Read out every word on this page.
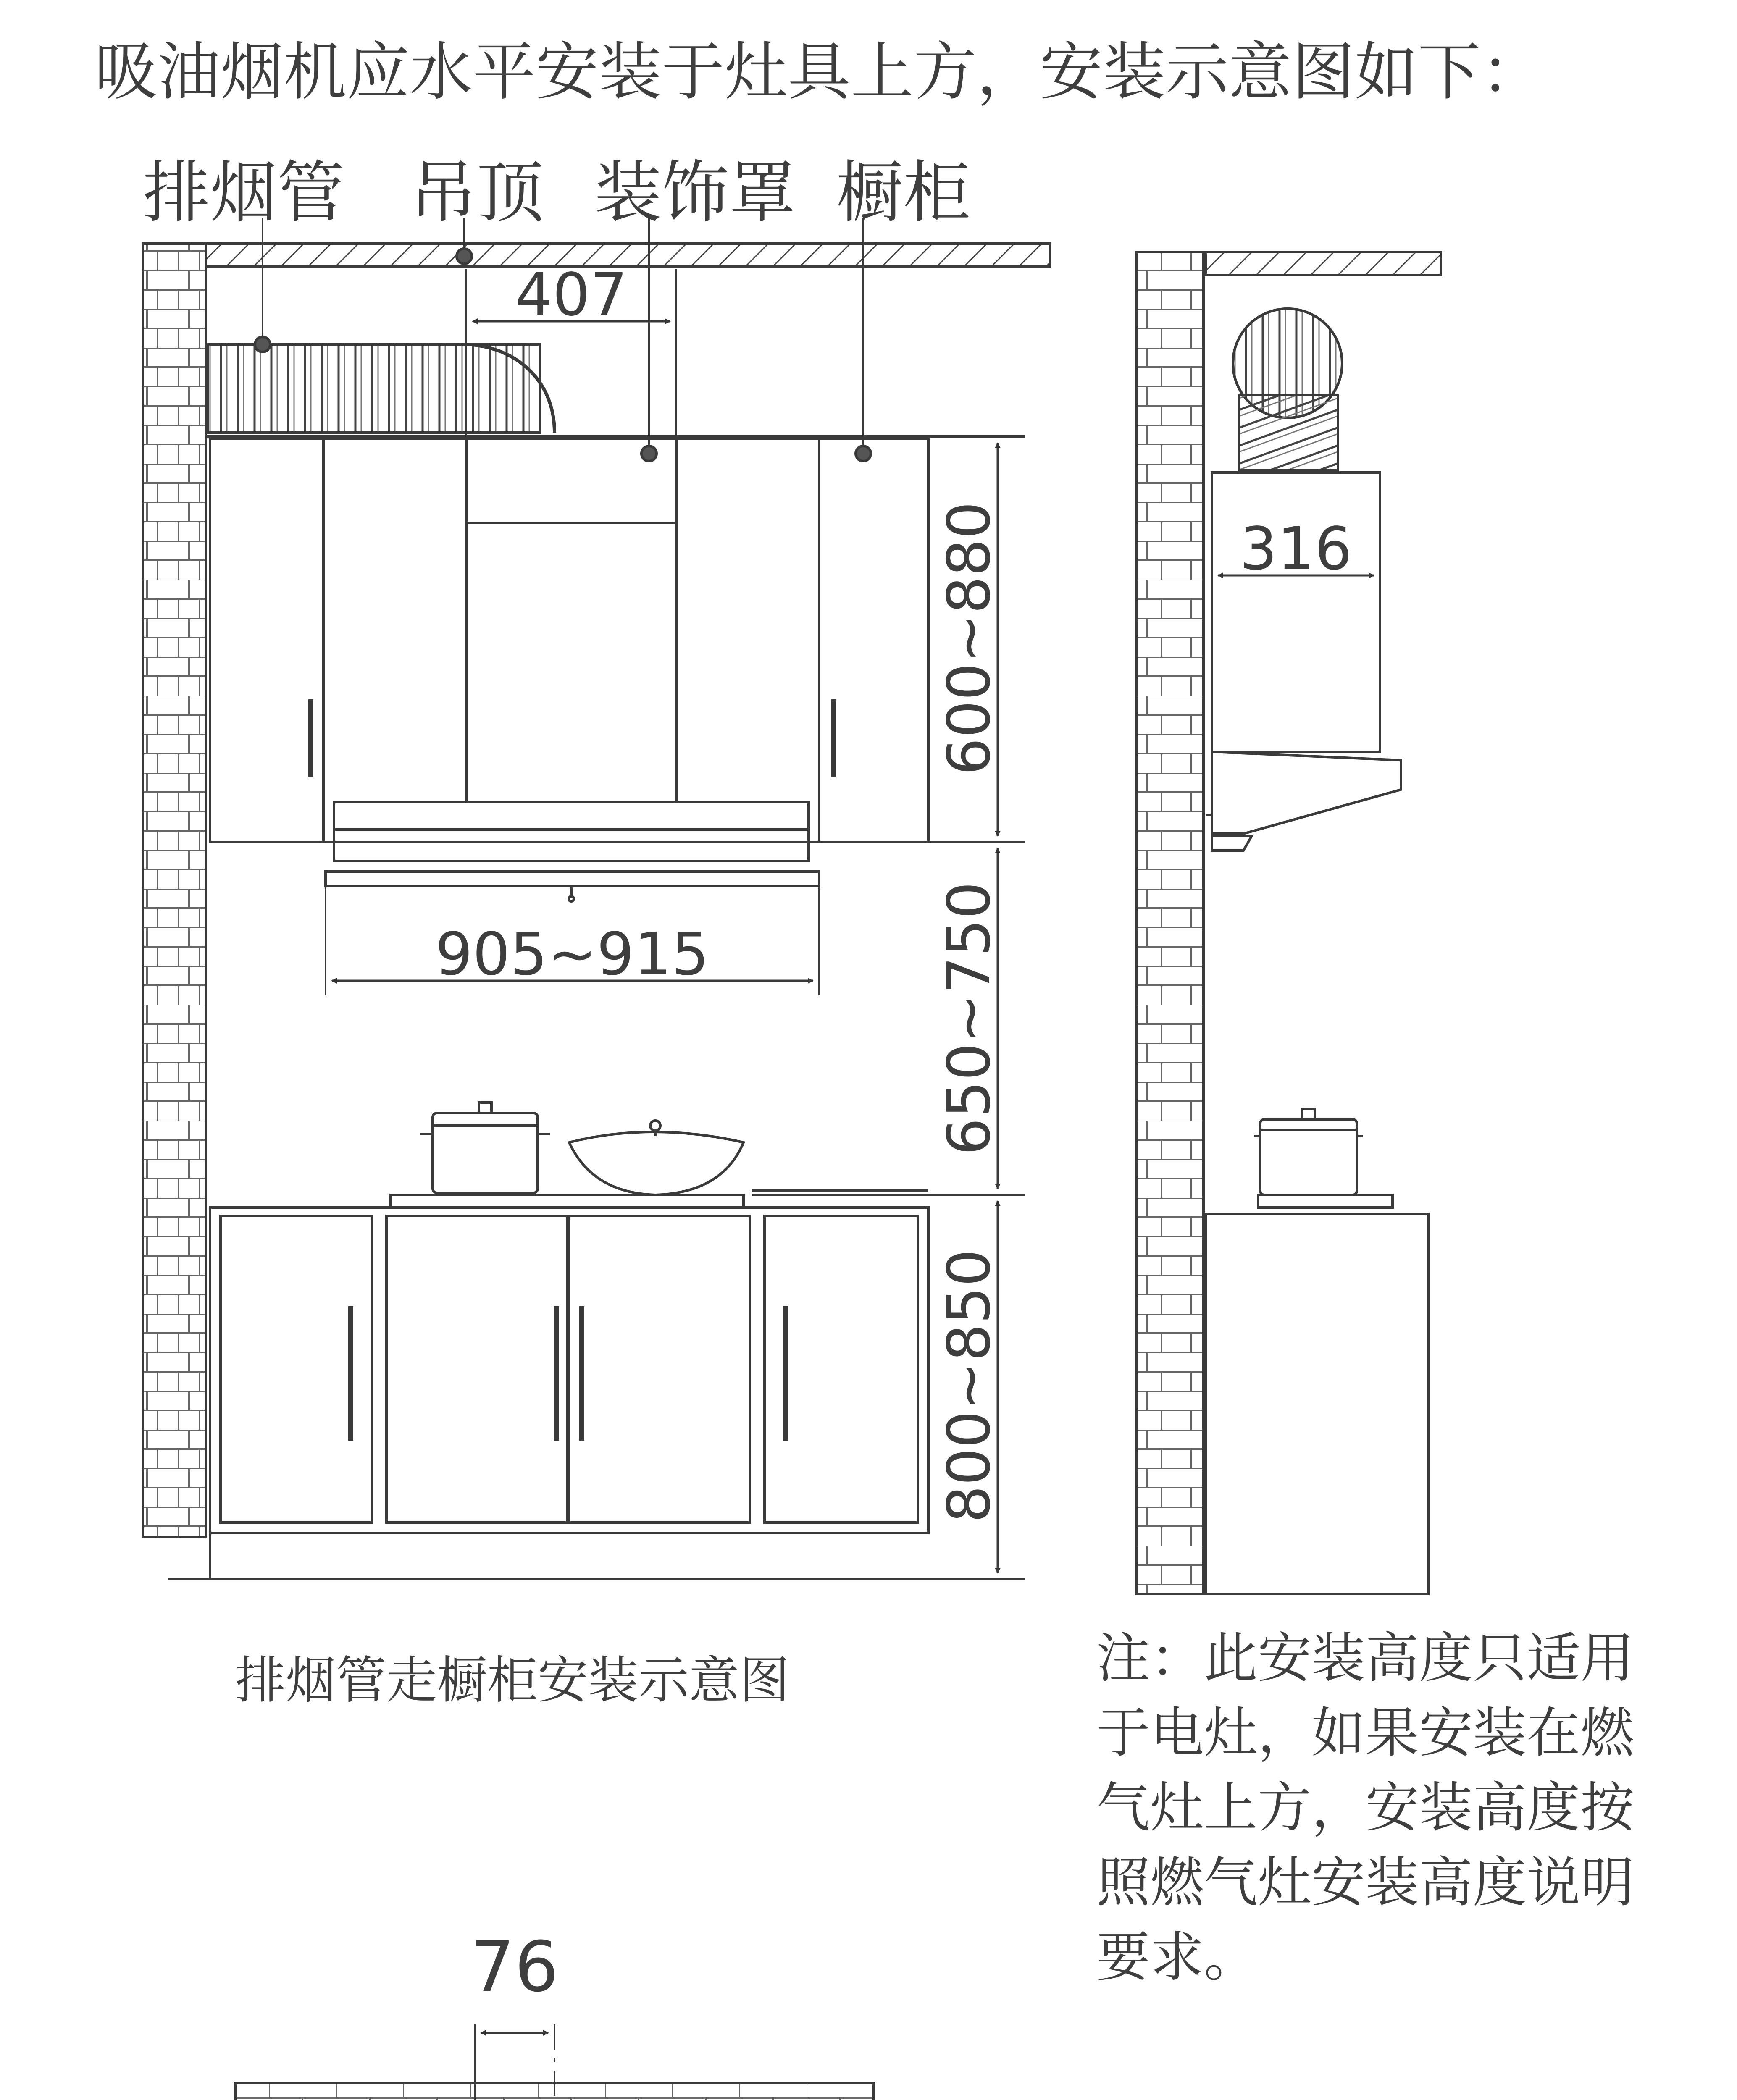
吸油烟机应水平安装于灶具上方，安装示意图如下：
排烟管 吊顶 装饰罩 橱柜
排烟管走橱柜安装示意图	注：此安装高度只适用
于电灶，如果安装在燃
气灶上方，安装高度按
照燃气灶安装高度说明
要求。
407
905~915
316
600~880
650~750
800~850
76
